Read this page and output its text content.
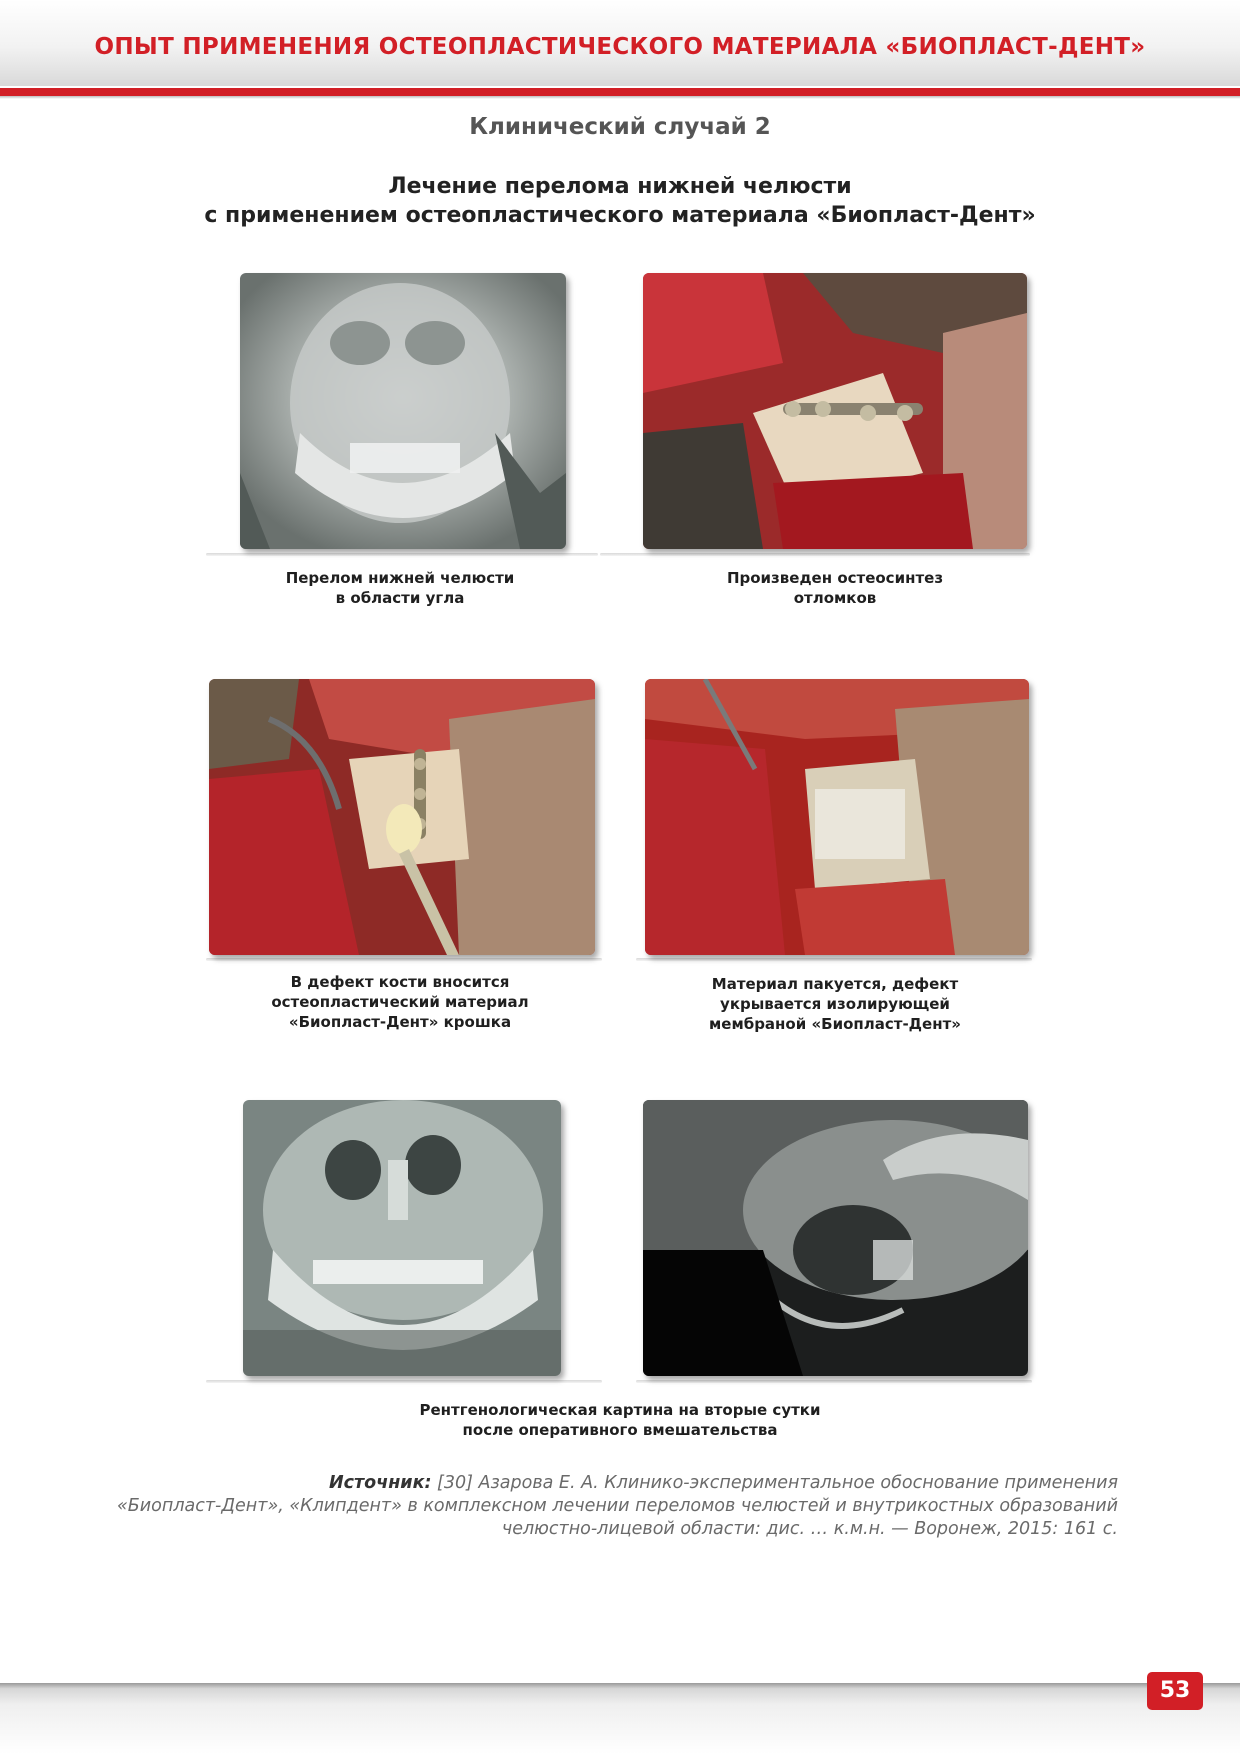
ОПЫТ ПРИМЕНЕНИЯ ОСТЕОПЛАСТИЧЕСКОГО МАТЕРИАЛА «БИОПЛАСТ-ДЕНТ»
Клинический случай 2
Лечение перелома нижней челюсти
с применением остеопластического материала «Биопласт-Дент»
Перелом нижней челюсти
в области угла
Произведен остеосинтез
отломков
В дефект кости вносится
остеопластический материал
«Биопласт-Дент» крошка
Материал пакуется, дефект
укрывается изолирующей
мембраной «Биопласт-Дент»
Рентгенологическая картина на вторые сутки
после оперативного вмешательства
Источник: [30] Азарова Е. А. Клинико-экспериментальное обоснование применения
«Биопласт-Дент», «Клипдент» в комплексном лечении переломов челюстей и внутрикостных образований
челюстно-лицевой области: дис. … к.м.н. — Воронеж, 2015: 161 с.
53
